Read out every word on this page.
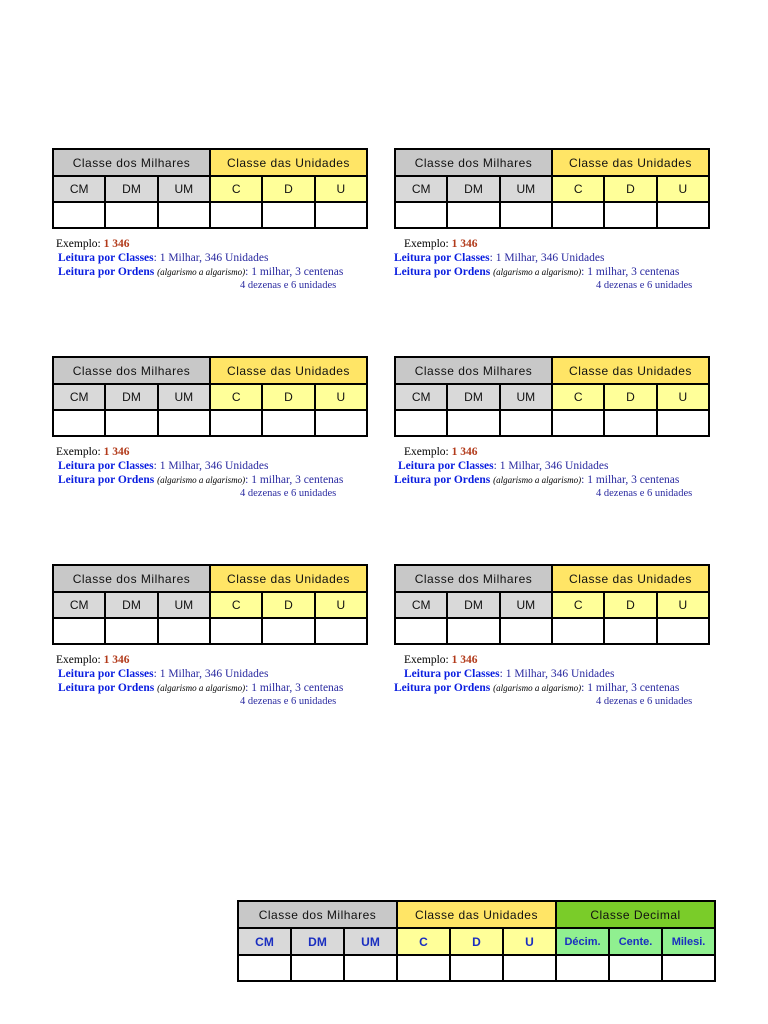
Classe dos Milhares			Classe das Unidades		
CM	DM	UM	C	D	U

Exemplo: 1 346
Leitura por Classes: 1 Milhar, 346 Unidades
Leitura por Ordens (algarismo a algarismo): 1 milhar, 3 centenas
4 dezenas e 6 unidades
Classe dos Milhares			Classe das Unidades		
CM	DM	UM	C	D	U

Exemplo: 1 346
Leitura por Classes: 1 Milhar, 346 Unidades
Leitura por Ordens (algarismo a algarismo): 1 milhar, 3 centenas
4 dezenas e 6 unidades
Classe dos Milhares			Classe das Unidades		
CM	DM	UM	C	D	U

Exemplo: 1 346
Leitura por Classes: 1 Milhar, 346 Unidades
Leitura por Ordens (algarismo a algarismo): 1 milhar, 3 centenas
4 dezenas e 6 unidades
Classe dos Milhares			Classe das Unidades		
CM	DM	UM	C	D	U

Exemplo: 1 346
Leitura por Classes: 1 Milhar, 346 Unidades
Leitura por Ordens (algarismo a algarismo): 1 milhar, 3 centenas
4 dezenas e 6 unidades
Classe dos Milhares			Classe das Unidades		
CM	DM	UM	C	D	U

Exemplo: 1 346
Leitura por Classes: 1 Milhar, 346 Unidades
Leitura por Ordens (algarismo a algarismo): 1 milhar, 3 centenas
4 dezenas e 6 unidades
Classe dos Milhares			Classe das Unidades		
CM	DM	UM	C	D	U

Exemplo: 1 346
Leitura por Classes: 1 Milhar, 346 Unidades
Leitura por Ordens (algarismo a algarismo): 1 milhar, 3 centenas
4 dezenas e 6 unidades
Classe dos Milhares			Classe das Unidades			Classe Decimal		
CM	DM	UM	C	D	U	Décim.	Cente.	Milesi.
